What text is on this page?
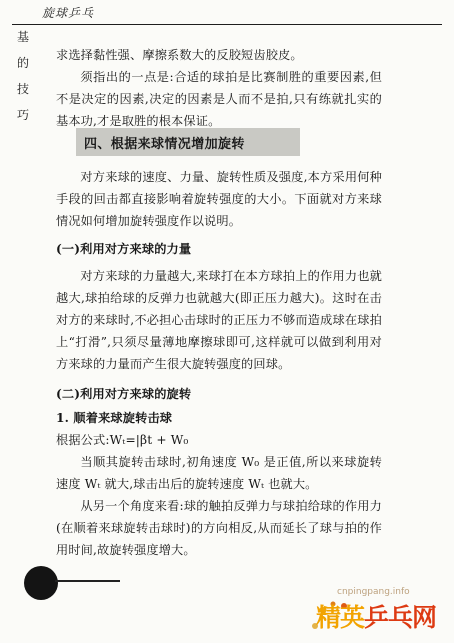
旋球乒乓
基的技巧
四、根据来球情况增加旋转

求选择黏性强、摩擦系数大的反胶短齿胶皮。

须指出的一点是:合适的球拍是比赛制胜的重要因素,但不是决定的因素,决定的因素是人而不是拍,只有练就扎实的基本功,才是取胜的根本保证。

对方来球的速度、力量、旋转性质及强度,本方采用何种手段的回击都直接影响着旋转强度的大小。下面就对方来球情况如何增加旋转强度作以说明。

(一)利用对方来球的力量

对方来球的力量越大,来球打在本方球拍上的作用力也就越大,球拍给球的反弹力也就越大(即正压力越大)。这时在击对方的来球时,不必担心击球时的正压力不够而造成球在球拍上“打滑”,只须尽量薄地摩擦球即可,这样就可以做到利用对方来球的力量而产生很大旋转强度的回球。

(二)利用对方来球的旋转

1. 顺着来球旋转击球

根据公式:Wₜ=|βt + W₀

当顺其旋转击球时,初角速度 W₀ 是正值,所以来球旋转速度 Wₜ 就大,球击出后的旋转速度 Wₜ 也就大。

从另一个角度来看:球的触拍反弹力与球拍给球的作用力(在顺着来球旋转击球时)的方向相反,从而延长了球与拍的作用时间,故旋转强度增大。

cnpingpang.info
精英乒乓网
